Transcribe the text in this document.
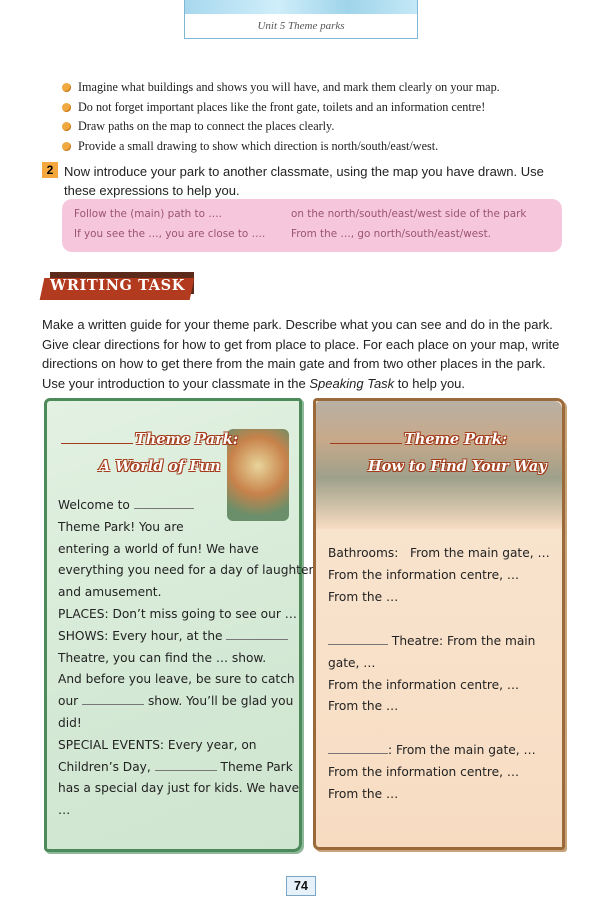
Unit 5 Theme parks
Imagine what buildings and shows you will have, and mark them clearly on your map.
Do not forget important places like the front gate, toilets and an information centre!
Draw paths on the map to connect the places clearly.
Provide a small drawing to show which direction is north/south/east/west.
2 Now introduce your park to another classmate, using the map you have drawn. Use
these expressions to help you.
Follow the (main) path to ….	on the north/south/east/west side of the park
If you see the …, you are close to …. From the …, go north/south/east/west.
WRITING TASK
Make a written guide for your theme park. Describe what you can see and do in the park.
Give clear directions for how to get from place to place. For each place on your map, write
directions on how to get there from the main gate and from two other places in the park.
Use your introduction to your classmate in the Speaking Task to help you.
Theme Park:
A World of Fun

Welcome to

Theme Park! You are

entering a world of fun! We have

everything you need for a day of laughter

and amusement.

PLACES: Don’t miss going to see our …

SHOWS: Every hour, at the

Theatre, you can find the … show.

And before you leave, be sure to catch

our	show. You’ll be glad you

did!

SPECIAL EVENTS: Every year, on

Children’s Day,	Theme Park

has a special day just for kids. We have

…

Theme Park:
How to Find Your Way

Bathrooms: From the main gate, …

From the information centre, …

From the …

Theatre: From the main

gate, …

From the information centre, …

From the …

: From the main gate, …

From the information centre, …

From the …

74
